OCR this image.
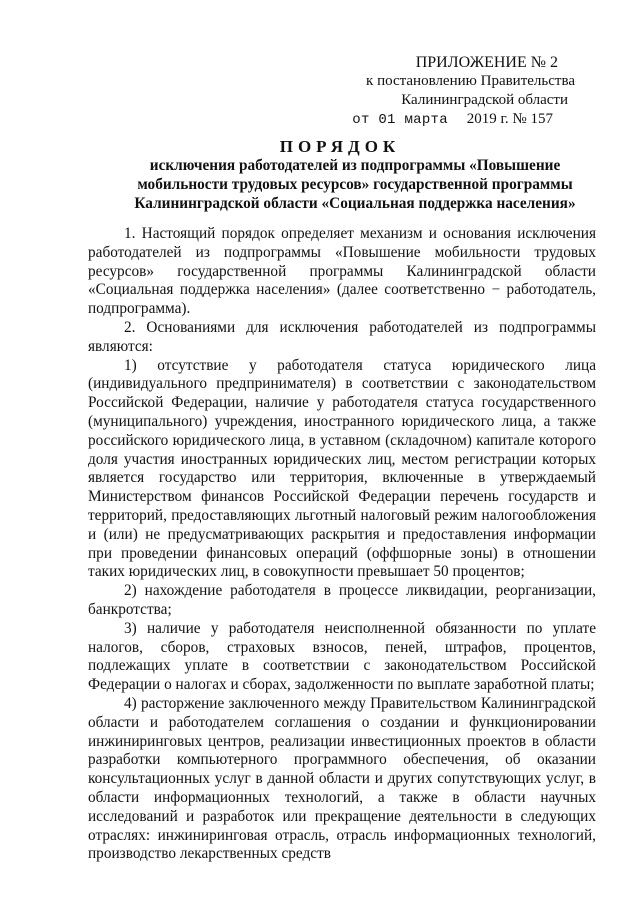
ПРИЛОЖЕНИЕ № 2
к постановлению Правительства
Калининградской области
от 01 марта 2019 г. № 157
ПОРЯДОК
исключения работодателей из подпрограммы «Повышение мобильности трудовых ресурсов» государственной программы Калининградской области «Социальная поддержка населения»

1. Настоящий порядок определяет механизм и основания исключения работодателей из подпрограммы «Повышение мобильности трудовых ресурсов» государственной программы Калининградской области «Социальная поддержка населения» (далее соответственно − работодатель, подпрограмма).

2. Основаниями для исключения работодателей из подпрограммы являются:

1) отсутствие у работодателя статуса юридического лица (индивидуального предпринимателя) в соответствии с законодательством Российской Федерации, наличие у работодателя статуса государственного (муниципального) учреждения, иностранного юридического лица, а также российского юридического лица, в уставном (складочном) капитале которого доля участия иностранных юридических лиц, местом регистрации которых является государство или территория, включенные в утверждаемый Министерством финансов Российской Федерации перечень государств и территорий, предоставляющих льготный налоговый режим налогообложения и (или) не предусматривающих раскрытия и предоставления информации при проведении финансовых операций (оффшорные зоны) в отношении таких юридических лиц, в совокупности превышает 50 процентов;

2) нахождение работодателя в процессе ликвидации, реорганизации, банкротства;

3) наличие у работодателя неисполненной обязанности по уплате налогов, сборов, страховых взносов, пеней, штрафов, процентов, подлежащих уплате в соответствии с законодательством Российской Федерации о налогах и сборах, задолженности по выплате заработной платы;

4) расторжение заключенного между Правительством Калининградской области и работодателем соглашения о создании и функционировании инжиниринговых центров, реализации инвестиционных проектов в области разработки компьютерного программного обеспечения, об оказании консультационных услуг в данной области и других сопутствующих услуг, в области информационных технологий, а также в области научных исследований и разработок или прекращение деятельности в следующих отраслях: инжиниринговая отрасль, отрасль информационных технологий, производство лекарственных средств
